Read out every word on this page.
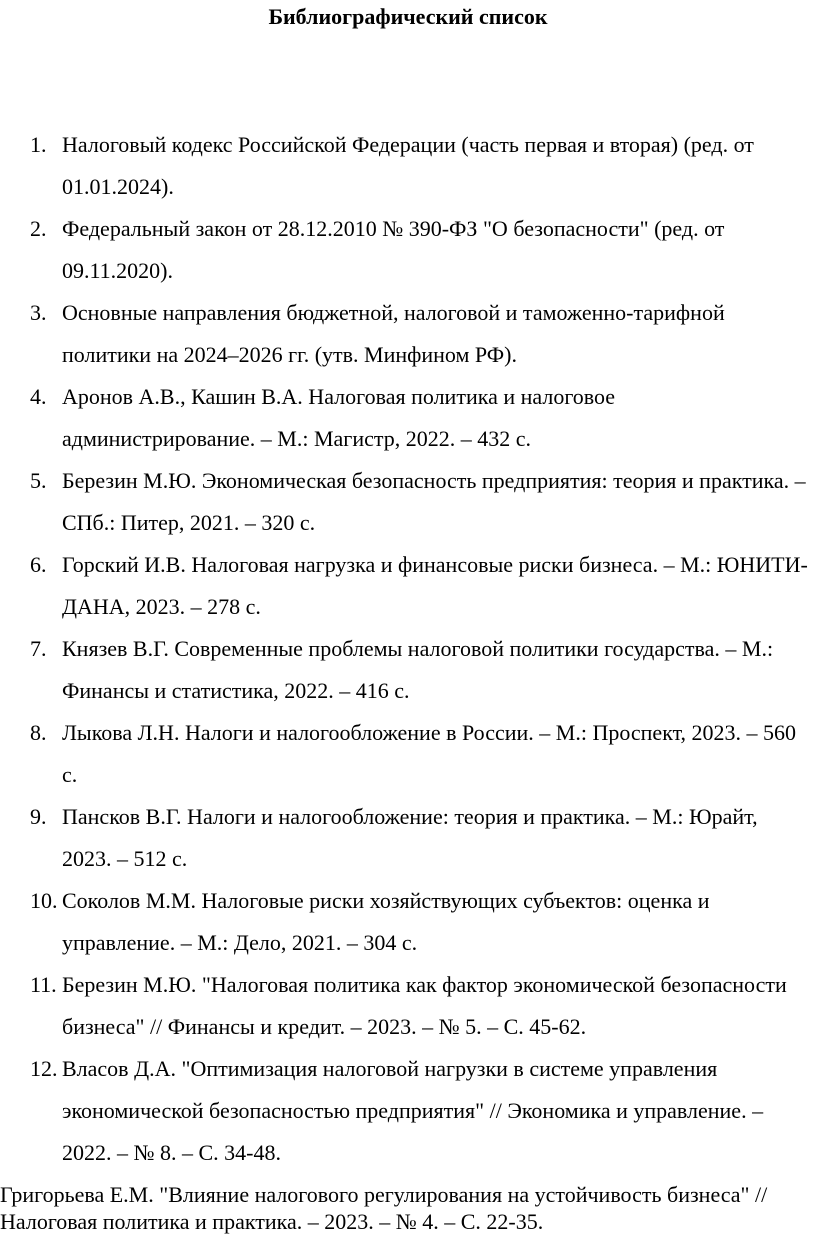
Библиографический список
1. Налоговый кодекс Российской Федерации (часть первая и вторая) (ред. от 01.01.2024).
2. Федеральный закон от 28.12.2010 № 390-ФЗ "О безопасности" (ред. от 09.11.2020).
3. Основные направления бюджетной, налоговой и таможенно-тарифной политики на 2024–2026 гг. (утв. Минфином РФ).
4. Аронов А.В., Кашин В.А. Налоговая политика и налоговое администрирование. – М.: Магистр, 2022. – 432 с.
5. Березин М.Ю. Экономическая безопасность предприятия: теория и практика. – СПб.: Питер, 2021. – 320 с.
6. Горский И.В. Налоговая нагрузка и финансовые риски бизнеса. – М.: ЮНИТИ-ДАНА, 2023. – 278 с.
7. Князев В.Г. Современные проблемы налоговой политики государства. – М.: Финансы и статистика, 2022. – 416 с.
8. Лыкова Л.Н. Налоги и налогообложение в России. – М.: Проспект, 2023. – 560 с.
9. Пансков В.Г. Налоги и налогообложение: теория и практика. – М.: Юрайт, 2023. – 512 с.
10. Соколов М.М. Налоговые риски хозяйствующих субъектов: оценка и управление. – М.: Дело, 2021. – 304 с.
11. Березин М.Ю. "Налоговая политика как фактор экономической безопасности бизнеса" // Финансы и кредит. – 2023. – № 5. – С. 45-62.
12. Власов Д.А. "Оптимизация налоговой нагрузки в системе управления экономической безопасностью предприятия" // Экономика и управление. – 2022. – № 8. – С. 34-48.
Григорьева Е.М. "Влияние налогового регулирования на устойчивость бизнеса" // Налоговая политика и практика. – 2023. – № 4. – С. 22-35.
